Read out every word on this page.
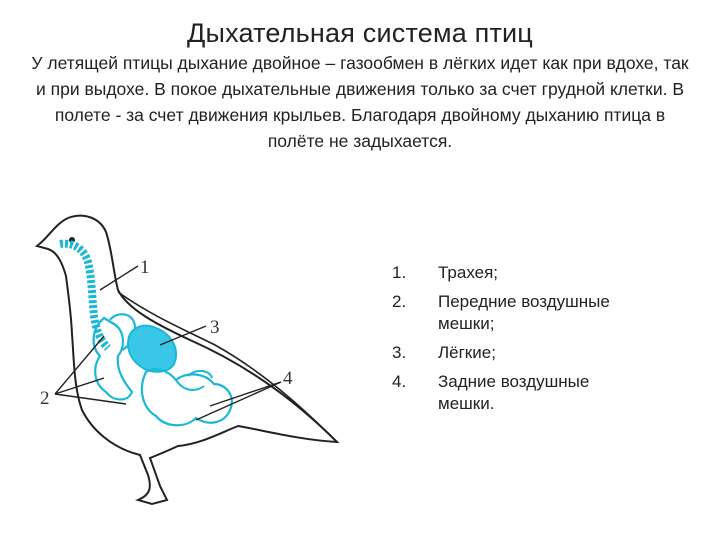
Дыхательная система птиц
У летящей птицы дыхание двойное – газообмен в лёгких идет как при вдохе, так и при выдохе. В покое дыхательные движения только за счет грудной клетки. В полете - за счет движения крыльев. Благодаря двойному дыханию птица в полёте не задыхается.
1
2
3
4
1.	Трахея;
2.	Передние воздушные мешки;
3.	Лёгкие;
4.	Задние воздушные мешки.
